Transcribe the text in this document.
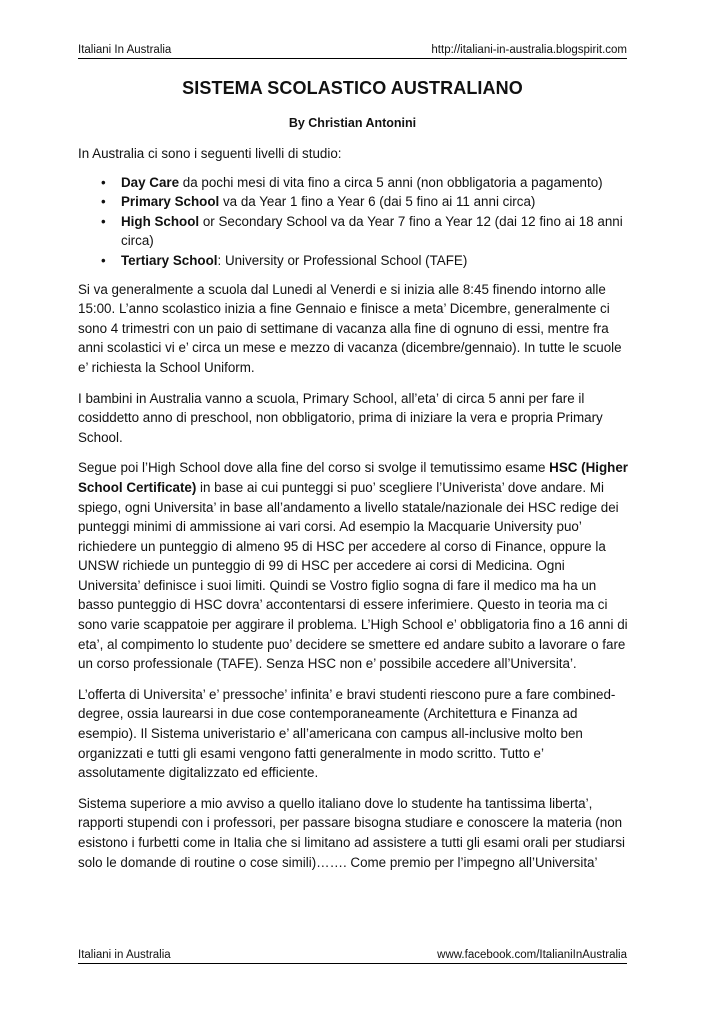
Italiani In Australia	http://italiani-in-australia.blogspirit.com
SISTEMA SCOLASTICO AUSTRALIANO
By Christian Antonini

In Australia ci sono i seguenti livelli di studio:

• Day Care da pochi mesi di vita fino a circa 5 anni (non obbligatoria a pagamento)
• Primary School va da Year 1 fino a Year 6 (dai 5 fino ai 11 anni circa)
• High School or Secondary School va da Year 7 fino a Year 12 (dai 12 fino ai 18 anni circa)
• Tertiary School: University or Professional School (TAFE)

Si va generalmente a scuola dal Lunedi al Venerdi e si inizia alle 8:45 finendo intorno alle 15:00. L’anno scolastico inizia a fine Gennaio e finisce a meta’ Dicembre, generalmente ci sono 4 trimestri con un paio di settimane di vacanza alla fine di ognuno di essi, mentre fra anni scolastici vi e’ circa un mese e mezzo di vacanza (dicembre/gennaio). In tutte le scuole e’ richiesta la School Uniform.

I bambini in Australia vanno a scuola, Primary School, all’eta’ di circa 5 anni per fare il cosiddetto anno di preschool, non obbligatorio, prima di iniziare la vera e propria Primary School.

Segue poi l’High School dove alla fine del corso si svolge il temutissimo esame HSC (Higher School Certificate) in base ai cui punteggi si puo’ scegliere l’Univerista’ dove andare. Mi spiego, ogni Universita’ in base all’andamento a livello statale/nazionale dei HSC redige dei punteggi minimi di ammissione ai vari corsi. Ad esempio la Macquarie University puo’ richiedere un punteggio di almeno 95 di HSC per accedere al corso di Finance, oppure la UNSW richiede un punteggio di 99 di HSC per accedere ai corsi di Medicina. Ogni Universita’ definisce i suoi limiti. Quindi se Vostro figlio sogna di fare il medico ma ha un basso punteggio di HSC dovra’ accontentarsi di essere inferimiere. Questo in teoria ma ci sono varie scappatoie per aggirare il problema. L’High School e’ obbligatoria fino a 16 anni di eta’, al compimento lo studente puo’ decidere se smettere ed andare subito a lavorare o fare un corso professionale (TAFE). Senza HSC non e’ possibile accedere all’Universita’.

L’offerta di Universita’ e’ pressoche’ infinita’ e bravi studenti riescono pure a fare combined-degree, ossia laurearsi in due cose contemporaneamente (Architettura e Finanza ad esempio). Il Sistema univeristario e’ all’americana con campus all-inclusive molto ben organizzati e tutti gli esami vengono fatti generalmente in modo scritto. Tutto e’ assolutamente digitalizzato ed efficiente.

Sistema superiore a mio avviso a quello italiano dove lo studente ha tantissima liberta’, rapporti stupendi con i professori, per passare bisogna studiare e conoscere la materia (non esistono i furbetti come in Italia che si limitano ad assistere a tutti gli esami orali per studiarsi solo le domande di routine o cose simili)……. Come premio per l’impegno all’Universita’

Italiani in Australia	www.facebook.com/ItalianiInAustralia
